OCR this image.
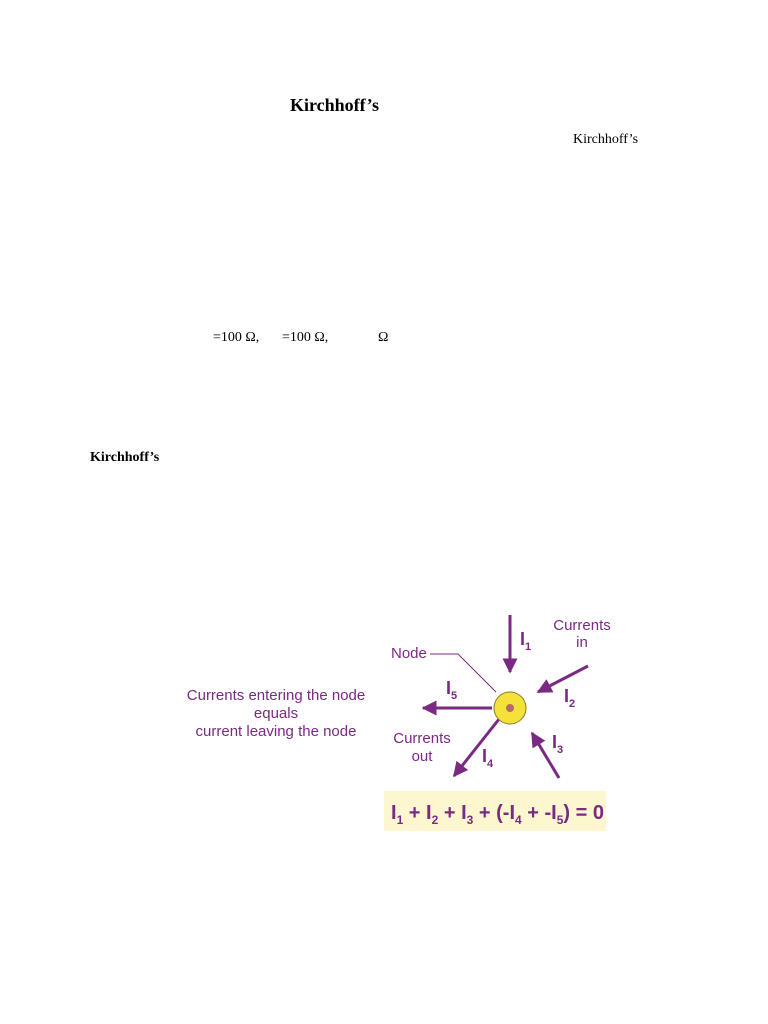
Kirchhoff’s
Kirchhoff’s
=100 Ω, =100 Ω,	Ω
Kirchhoff’s
Currents entering the node
equals
current leaving the node
Node
$I_1$
$I_2$
$I_3$
$I_4$
$I_5$
Currents
in
Currents
out
$I_1 + I_2 + I_3 + (-I_4 + -I_5) = 0$
